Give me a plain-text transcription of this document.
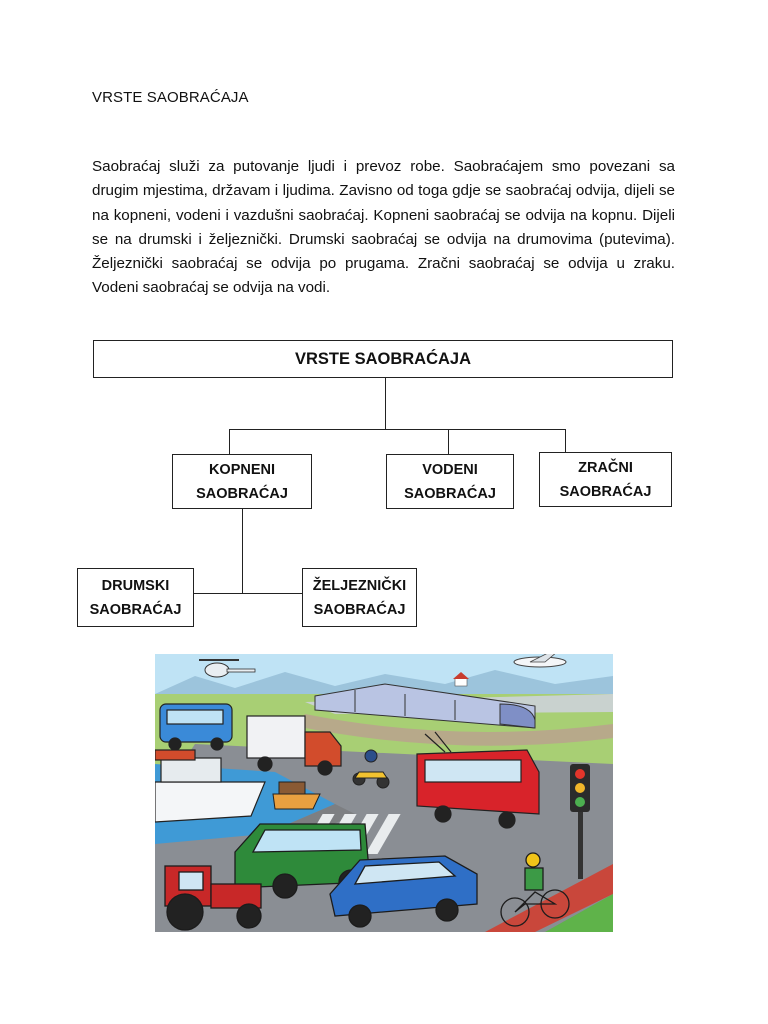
VRSTE SAOBRAĆAJA

Saobraćaj služi za putovanje ljudi i prevoz robe. Saobraćajem smo povezani sa drugim mjestima, državam i ljudima. Zavisno od toga gdje se saobraćaj odvija, dijeli se na kopneni, vodeni i vazdušni saobraćaj. Kopneni saobraćaj se odvija na kopnu. Dijeli se na drumski i željeznički. Drumski saobraćaj se odvija na drumovima (putevima). Željeznički saobraćaj se odvija po prugama. Zračni saobraćaj se odvija u zraku. Vodeni saobraćaj se odvija na vodi.

VRSTE SAOBRAĆAJA
KOPNENI
SAOBRAĆAJ
VODENI
SAOBRAĆAJ
ZRAČNI
SAOBRAĆAJ
DRUMSKI
SAOBRAĆAJ
ŽELJEZNIČKI
SAOBRAĆAJ
